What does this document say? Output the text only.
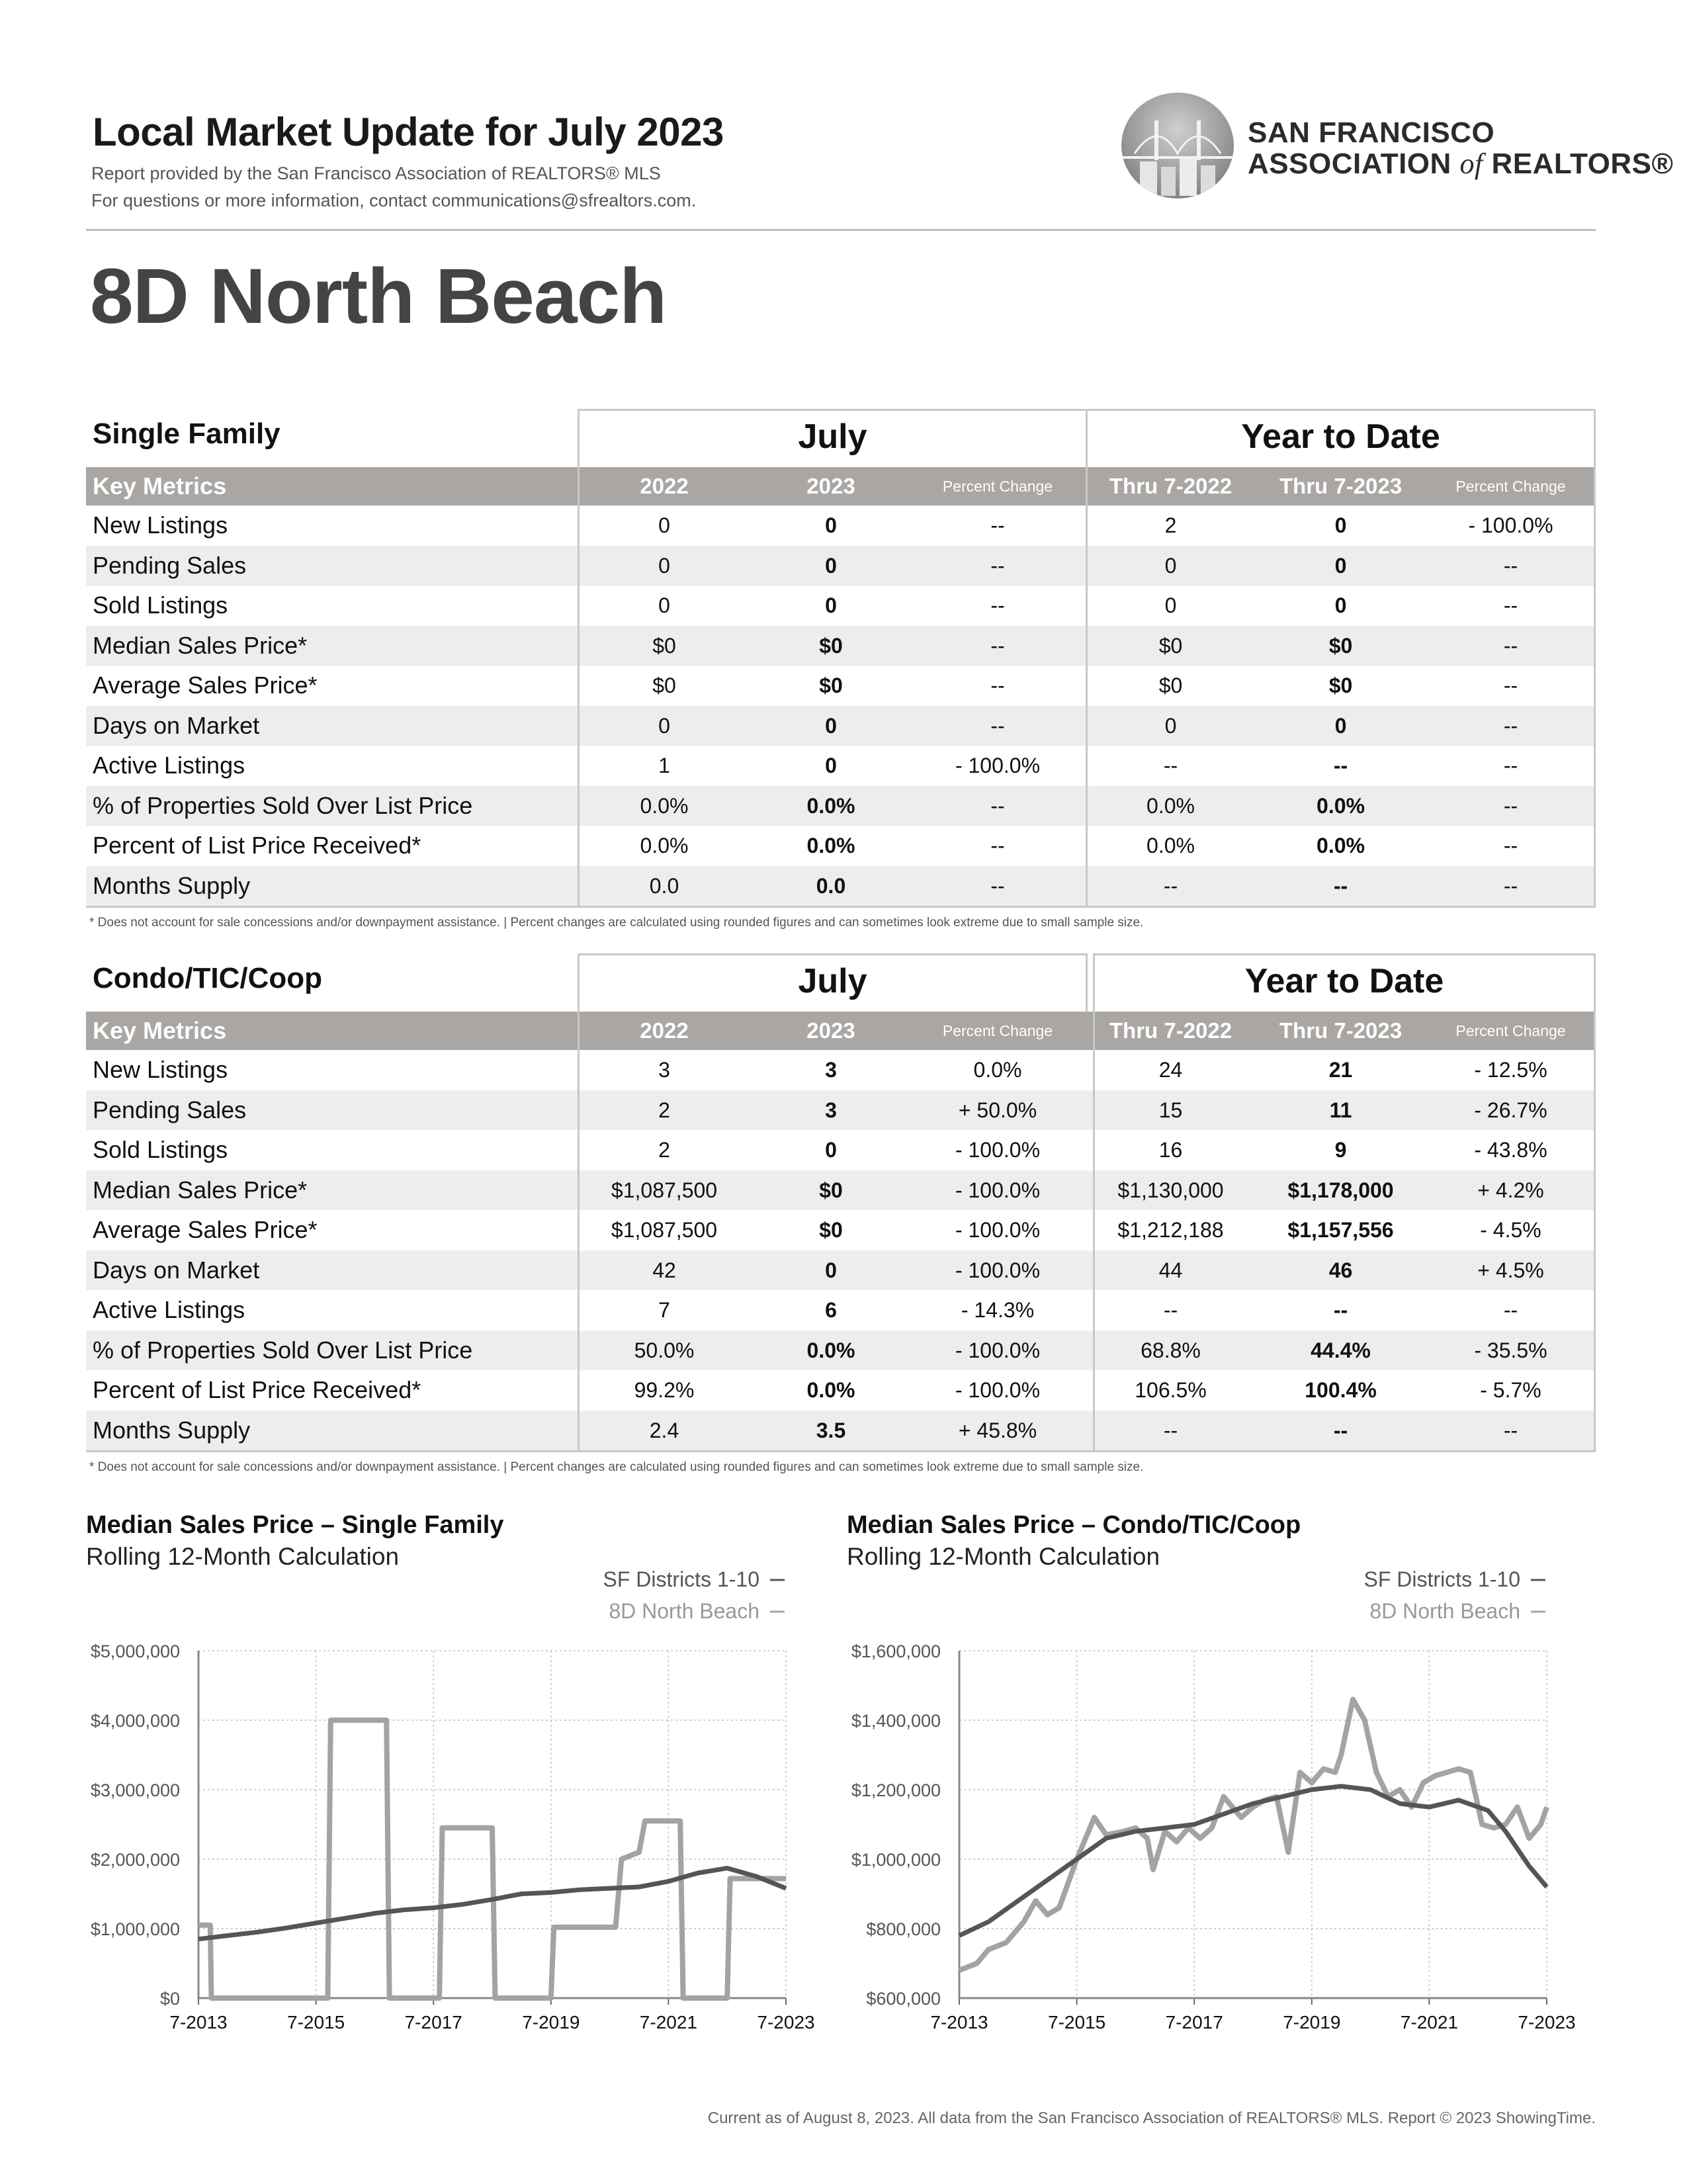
Local Market Update for July 2023
Report provided by the San Francisco Association of REALTORS® MLS
For questions or more information, contact communications@sfrealtors.com.
SAN FRANCISCO
ASSOCIATION of REALTORS®
8D North Beach
Single Family	July	Year to Date
Key Metrics	2022	2023	Percent Change	Thru 7-2022	Thru 7-2023	Percent Change
New Listings	0	0	--	2	0	- 100.0%
Pending Sales	0	0	--	0	0	--
Sold Listings	0	0	--	0	0	--
Median Sales Price*	$0	$0	--	$0	$0	--
Average Sales Price*	$0	$0	--	$0	$0	--
Days on Market	0	0	--	0	0	--
Active Listings	1	0	- 100.0%	--	--	--
% of Properties Sold Over List Price	0.0%	0.0%	--	0.0%	0.0%	--
Percent of List Price Received*	0.0%	0.0%	--	0.0%	0.0%	--
Months Supply	0.0	0.0	--	--	--	--
* Does not account for sale concessions and/or downpayment assistance. | Percent changes are calculated using rounded figures and can sometimes look extreme due to small sample size.
Condo/TIC/Coop	July	Year to Date
Key Metrics	2022	2023	Percent Change	Thru 7-2022	Thru 7-2023	Percent Change
New Listings	3	3	0.0%	24	21	- 12.5%
Pending Sales	2	3	+ 50.0%	15	11	- 26.7%
Sold Listings	2	0	- 100.0%	16	9	- 43.8%
Median Sales Price*	$1,087,500	$0	- 100.0%	$1,130,000	$1,178,000	+ 4.2%
Average Sales Price*	$1,087,500	$0	- 100.0%	$1,212,188	$1,157,556	- 4.5%
Days on Market	42	0	- 100.0%	44	46	+ 4.5%
Active Listings	7	6	- 14.3%	--	--	--
% of Properties Sold Over List Price	50.0%	0.0%	- 100.0%	68.8%	44.4%	- 35.5%
Percent of List Price Received*	99.2%	0.0%	- 100.0%	106.5%	100.4%	- 5.7%
Months Supply	2.4	3.5	+ 45.8%	--	--	--
* Does not account for sale concessions and/or downpayment assistance. | Percent changes are calculated using rounded figures and can sometimes look extreme due to small sample size.
Median Sales Price – Single Family
Rolling 12-Month Calculation
Median Sales Price – Condo/TIC/Coop
Rolling 12-Month Calculation
$0
$1,000,000
$2,000,000
$3,000,000
$4,000,000
$5,000,000
7-2013	7-2015	7-2017	7-2019	7-2021	7-2023
SF Districts 1-10
8D North Beach
$600,000
$800,000
$1,000,000
$1,200,000
$1,400,000
$1,600,000
7-2013	7-2015	7-2017	7-2019	7-2021	7-2023
SF Districts 1-10
8D North Beach
Current as of August 8, 2023. All data from the San Francisco Association of REALTORS® MLS. Report © 2023 ShowingTime.
